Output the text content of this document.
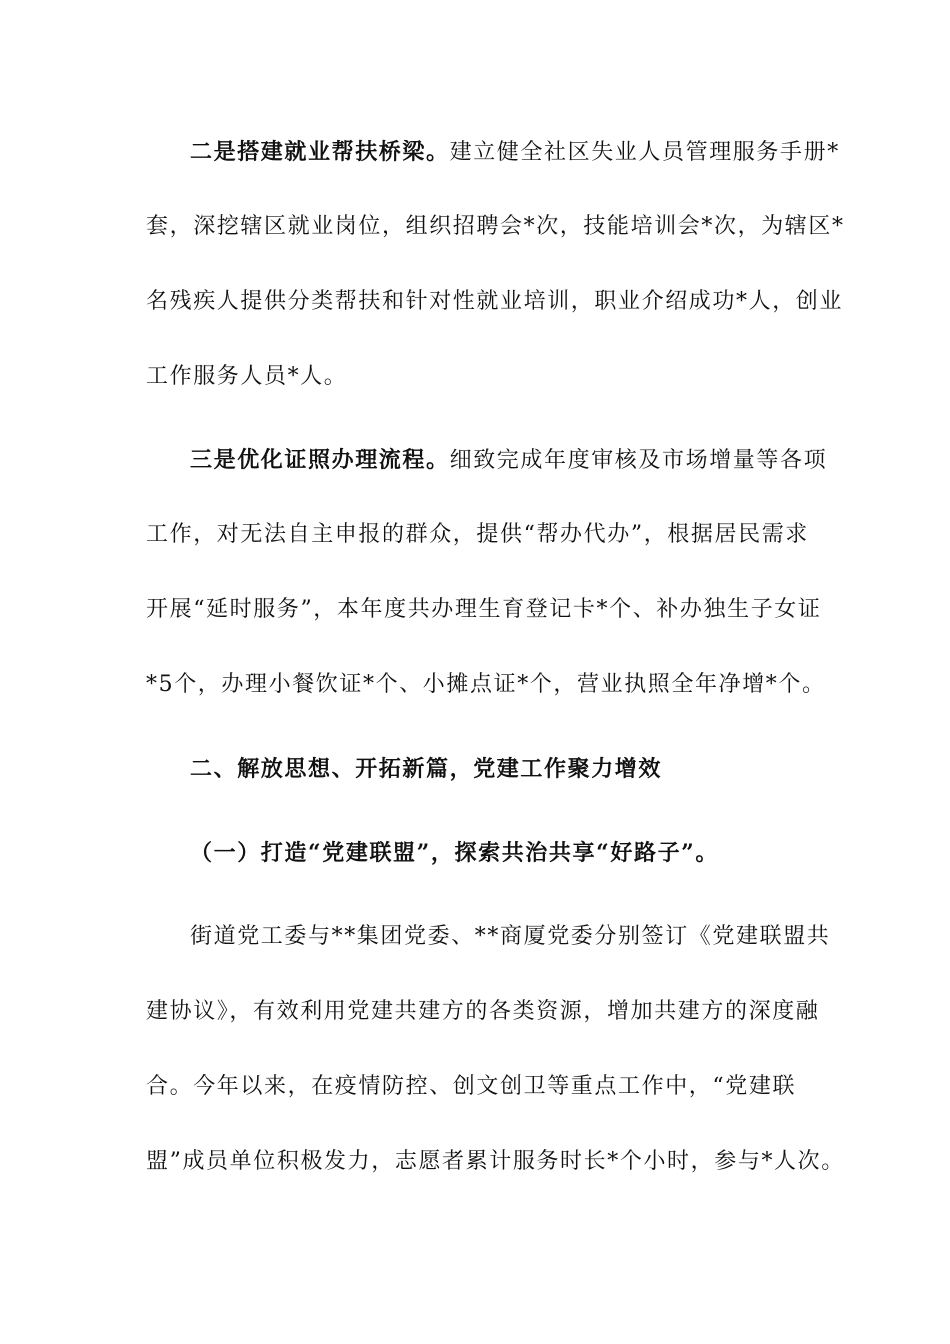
二是搭建就业帮扶桥梁。建立健全社区失业人员管理服务手册*
套，深挖辖区就业岗位，组织招聘会*次，技能培训会*次，为辖区*
名残疾人提供分类帮扶和针对性就业培训，职业介绍成功*人，创业
工作服务人员*人。
三是优化证照办理流程。细致完成年度审核及市场增量等各项
工作，对无法自主申报的群众，提供“帮办代办”，根据居民需求
开展“延时服务”，本年度共办理生育登记卡*个、补办独生子女证
*5个，办理小餐饮证*个、小摊点证*个，营业执照全年净增*个。
二、解放思想、开拓新篇，党建工作聚力增效
（一）打造“党建联盟”，探索共治共享“好路子”。
街道党工委与**集团党委、**商厦党委分别签订《党建联盟共
建协议》，有效利用党建共建方的各类资源，增加共建方的深度融
合。今年以来，在疫情防控、创文创卫等重点工作中，“党建联
盟”成员单位积极发力，志愿者累计服务时长*个小时，参与*人次。
